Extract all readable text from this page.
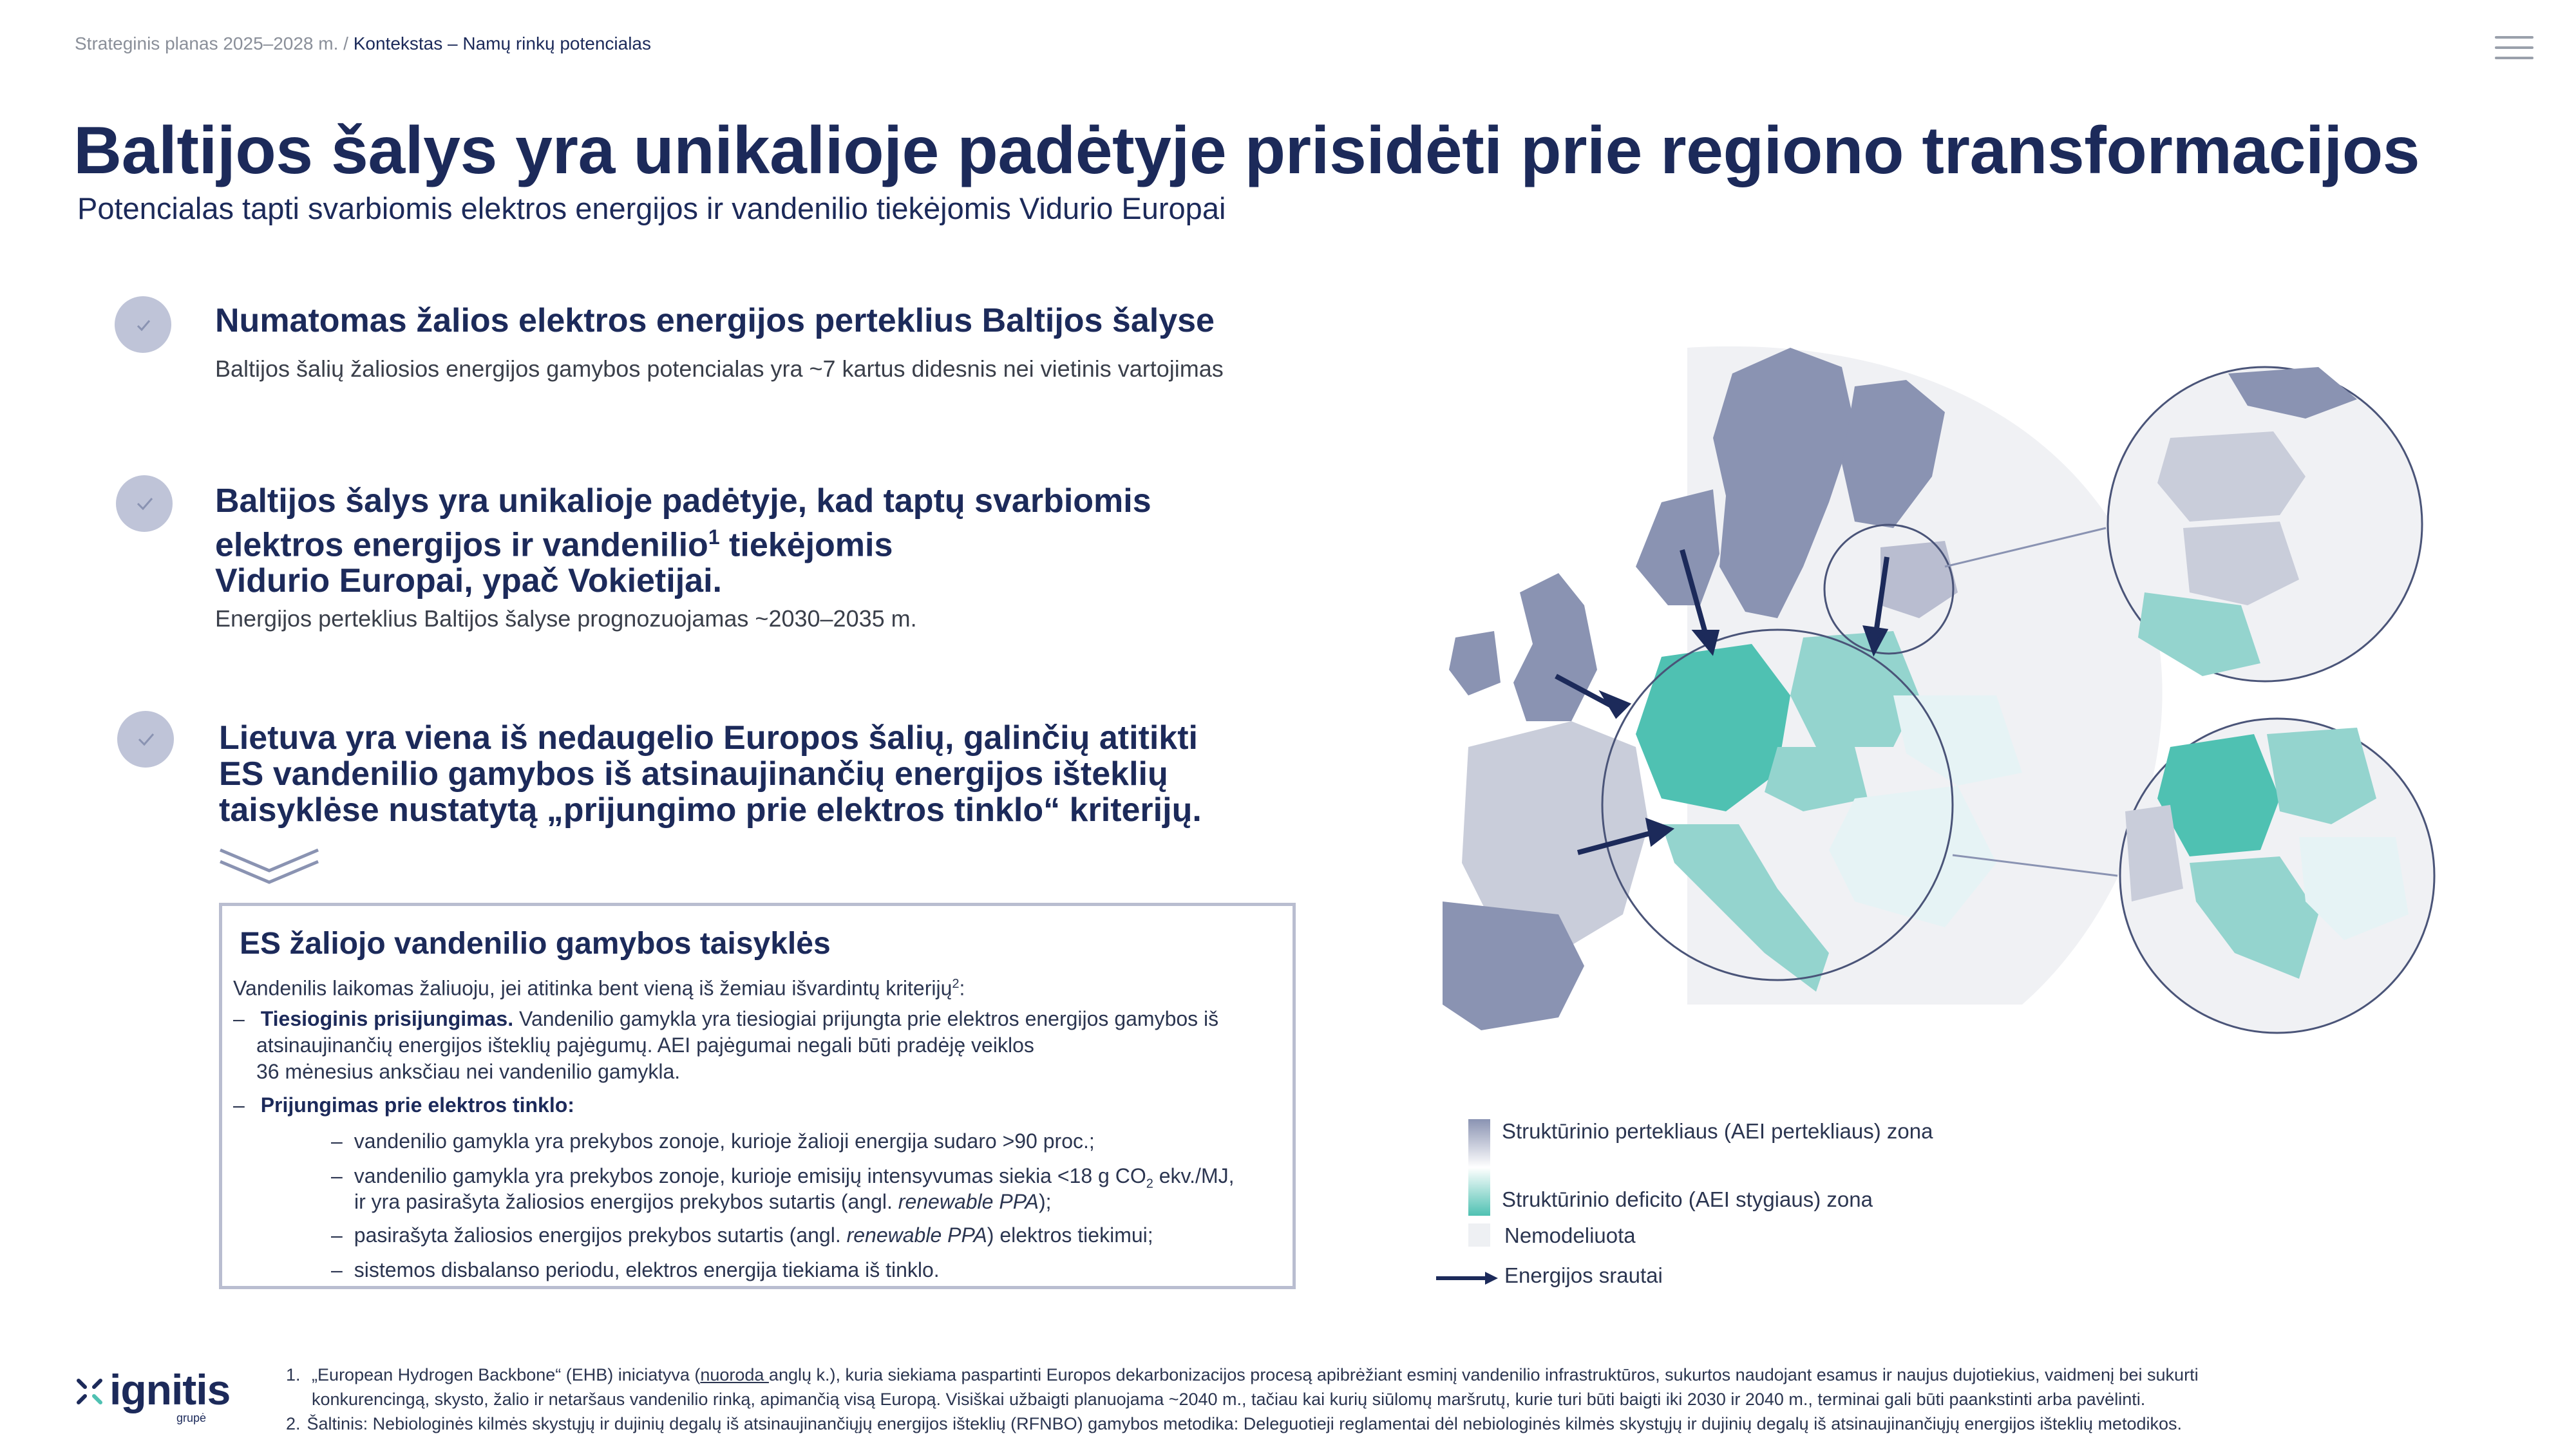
Strateginis planas 2025–2028 m. / Kontekstas – Namų rinkų potencialas
Baltijos šalys yra unikalioje padėtyje prisidėti prie regiono transformacijos
Potencialas tapti svarbiomis elektros energijos ir vandenilio tiekėjomis Vidurio Europai
Numatomas žalios elektros energijos perteklius Baltijos šalyse
Baltijos šalių žaliosios energijos gamybos potencialas yra ~7 kartus didesnis nei vietinis vartojimas
Baltijos šalys yra unikalioje padėtyje, kad taptų svarbiomis
elektros energijos ir vandenilio$^1$ tiekėjomis
Vidurio Europai, ypač Vokietijai.
Energijos perteklius Baltijos šalyse prognozuojamas ~2030–2035 m.
Lietuva yra viena iš nedaugelio Europos šalių, galinčių atitikti
ES vandenilio gamybos iš atsinaujinančių energijos išteklių
taisyklėse nustatytą „prijungimo prie elektros tinklo“ kriterijų.
ES žaliojo vandenilio gamybos taisyklės
Vandenilis laikomas žaliuoju, jei atitinka bent vieną iš žemiau išvardintų kriterijų$^2$:
– Tiesioginis prisijungimas. Vandenilio gamykla yra tiesiogiai prijungta prie elektros energijos gamybos iš
atsinaujinančių energijos išteklių pajėgumų. AEI pajėgumai negali būti pradėję veiklos
36 mėnesius anksčiau nei vandenilio gamykla.
– Prijungimas prie elektros tinklo:
– vandenilio gamykla yra prekybos zonoje, kurioje žalioji energija sudaro >90 proc.;
– vandenilio gamykla yra prekybos zonoje, kurioje emisijų intensyvumas siekia <18 g $CO_2$ ekv./MJ,
ir yra pasirašyta žaliosios energijos prekybos sutartis (angl. renewable PPA);
– pasirašyta žaliosios energijos prekybos sutartis (angl. renewable PPA) elektros tiekimui;
– sistemos disbalanso periodu, elektros energija tiekiama iš tinklo.
Struktūrinio pertekliaus (AEI pertekliaus) zona
Struktūrinio deficito (AEI stygiaus) zona
Nemodeliuota
Energijos srautai
ignitis
grupė
1. „European Hydrogen Backbone“ (EHB) iniciatyva (nuoroda anglų k.), kuria siekiama paspartinti Europos dekarbonizacijos procesą apibrėžiant esminį vandenilio infrastruktūros, sukurtos naudojant esamus ir naujus dujotiekius, vaidmenį bei sukurti
konkurencingą, skysto, žalio ir netaršaus vandenilio rinką, apimančią visą Europą. Visiškai užbaigti planuojama ~2040 m., tačiau kai kurių siūlomų maršrutų, kurie turi būti baigti iki 2030 ir 2040 m., terminai gali būti paankstinti arba pavėlinti.
2. Šaltinis: Nebiologinės kilmės skystųjų ir dujinių degalų iš atsinaujinančiųjų energijos išteklių (RFNBO) gamybos metodika: Deleguotieji reglamentai dėl nebiologinės kilmės skystųjų ir dujinių degalų iš atsinaujinančiųjų energijos išteklių metodikos.
